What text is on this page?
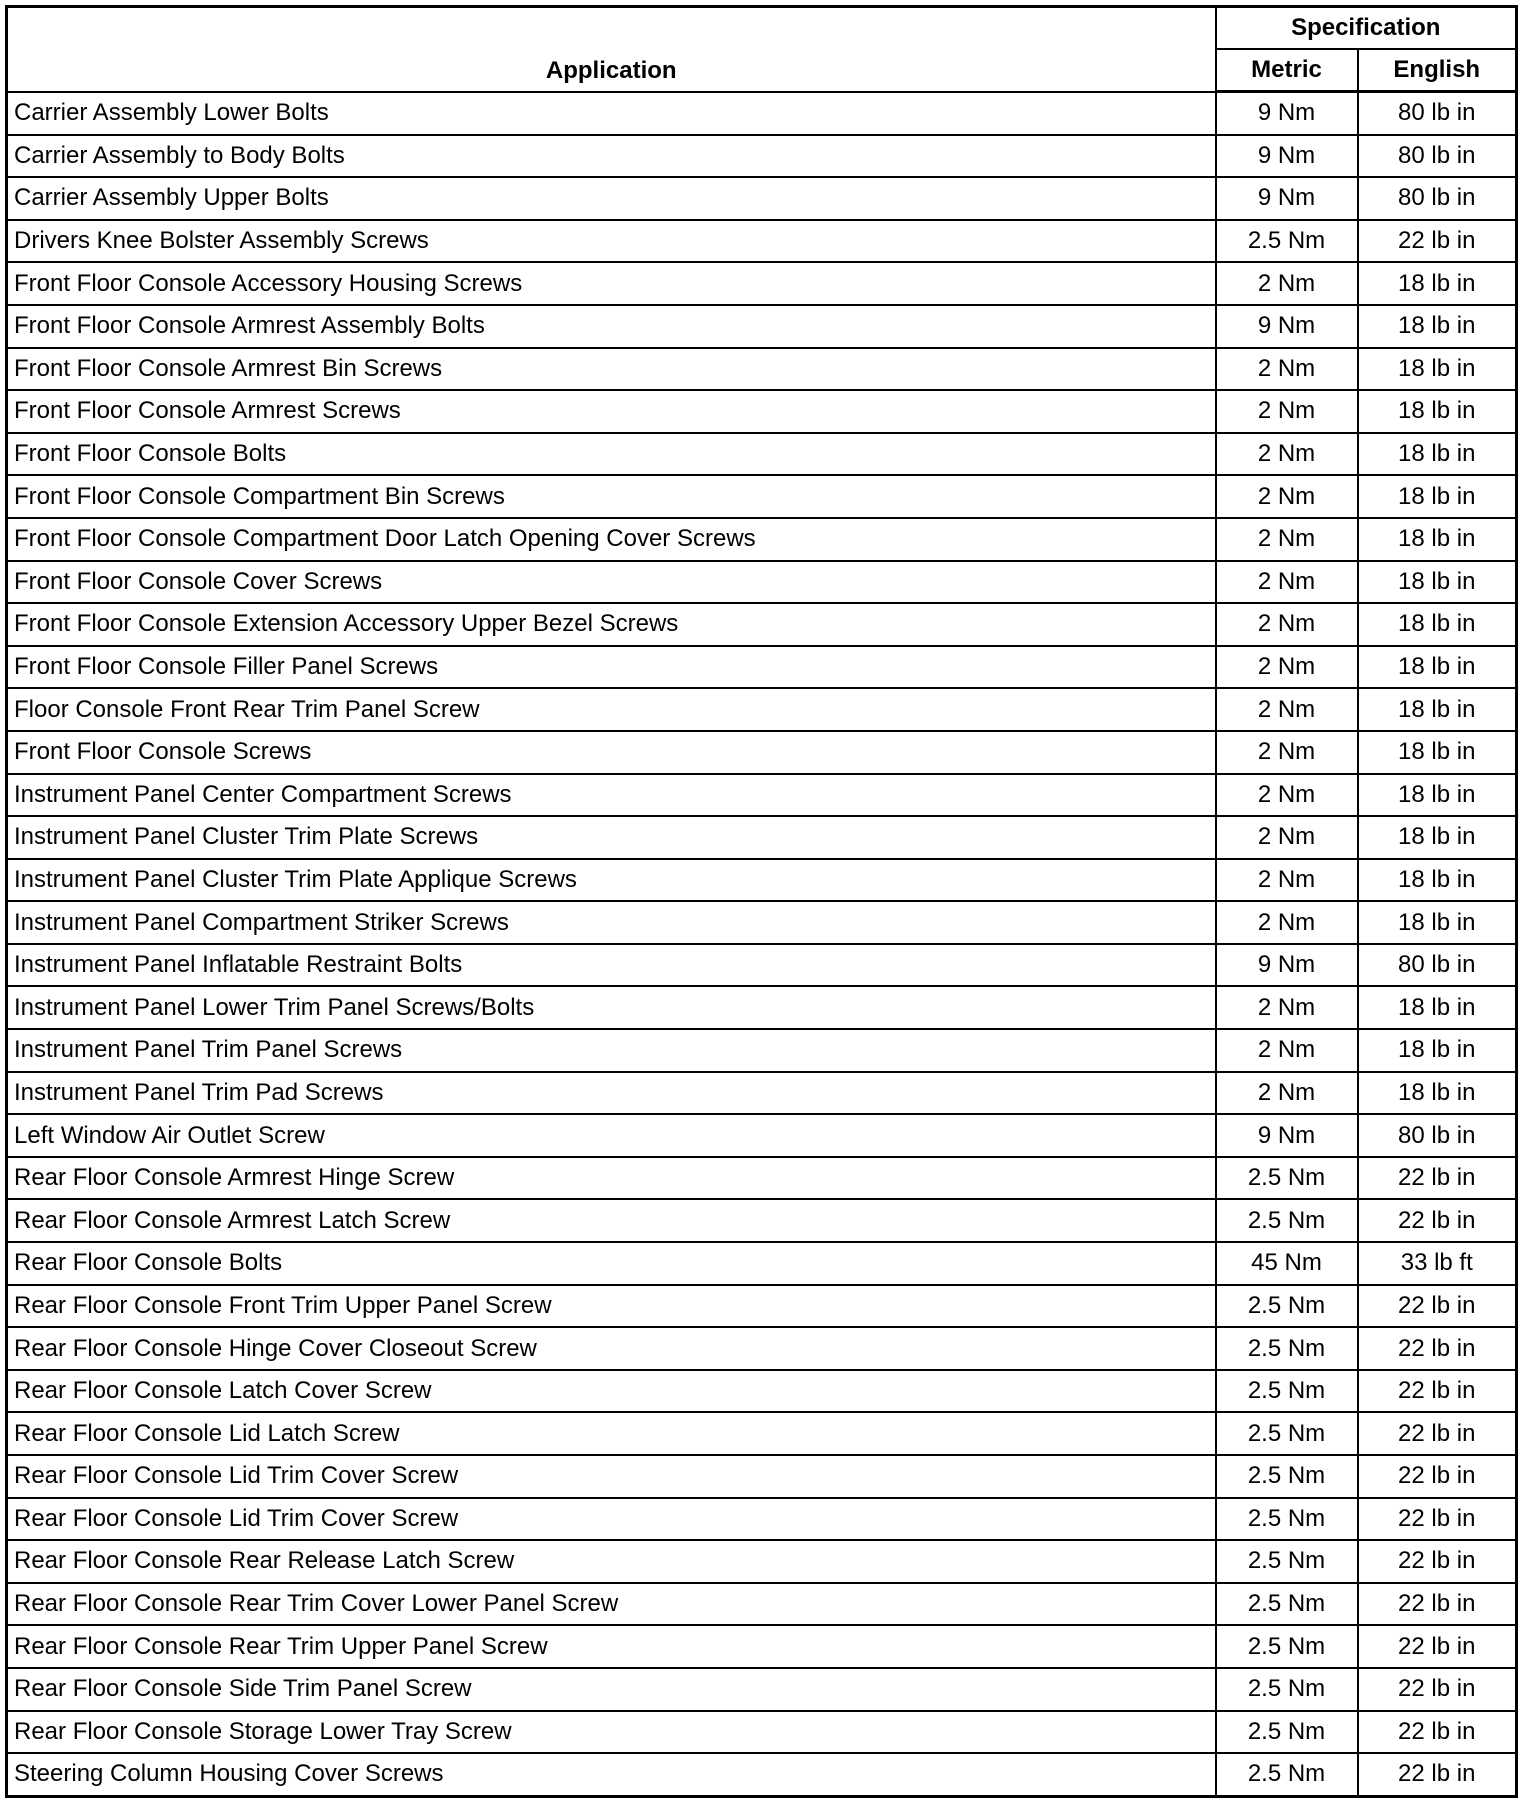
Application	Specification	
	Metric	English
Carrier Assembly Lower Bolts	9 Nm	80 lb in
Carrier Assembly to Body Bolts	9 Nm	80 lb in
Carrier Assembly Upper Bolts	9 Nm	80 lb in
Drivers Knee Bolster Assembly Screws	2.5 Nm	22 lb in
Front Floor Console Accessory Housing Screws	2 Nm	18 lb in
Front Floor Console Armrest Assembly Bolts	9 Nm	18 lb in
Front Floor Console Armrest Bin Screws	2 Nm	18 lb in
Front Floor Console Armrest Screws	2 Nm	18 lb in
Front Floor Console Bolts	2 Nm	18 lb in
Front Floor Console Compartment Bin Screws	2 Nm	18 lb in
Front Floor Console Compartment Door Latch Opening Cover Screws	2 Nm	18 lb in
Front Floor Console Cover Screws	2 Nm	18 lb in
Front Floor Console Extension Accessory Upper Bezel Screws	2 Nm	18 lb in
Front Floor Console Filler Panel Screws	2 Nm	18 lb in
Floor Console Front Rear Trim Panel Screw	2 Nm	18 lb in
Front Floor Console Screws	2 Nm	18 lb in
Instrument Panel Center Compartment Screws	2 Nm	18 lb in
Instrument Panel Cluster Trim Plate Screws	2 Nm	18 lb in
Instrument Panel Cluster Trim Plate Applique Screws	2 Nm	18 lb in
Instrument Panel Compartment Striker Screws	2 Nm	18 lb in
Instrument Panel Inflatable Restraint Bolts	9 Nm	80 lb in
Instrument Panel Lower Trim Panel Screws/Bolts	2 Nm	18 lb in
Instrument Panel Trim Panel Screws	2 Nm	18 lb in
Instrument Panel Trim Pad Screws	2 Nm	18 lb in
Left Window Air Outlet Screw	9 Nm	80 lb in
Rear Floor Console Armrest Hinge Screw	2.5 Nm	22 lb in
Rear Floor Console Armrest Latch Screw	2.5 Nm	22 lb in
Rear Floor Console Bolts	45 Nm	33 lb ft
Rear Floor Console Front Trim Upper Panel Screw	2.5 Nm	22 lb in
Rear Floor Console Hinge Cover Closeout Screw	2.5 Nm	22 lb in
Rear Floor Console Latch Cover Screw	2.5 Nm	22 lb in
Rear Floor Console Lid Latch Screw	2.5 Nm	22 lb in
Rear Floor Console Lid Trim Cover Screw	2.5 Nm	22 lb in
Rear Floor Console Lid Trim Cover Screw	2.5 Nm	22 lb in
Rear Floor Console Rear Release Latch Screw	2.5 Nm	22 lb in
Rear Floor Console Rear Trim Cover Lower Panel Screw	2.5 Nm	22 lb in
Rear Floor Console Rear Trim Upper Panel Screw	2.5 Nm	22 lb in
Rear Floor Console Side Trim Panel Screw	2.5 Nm	22 lb in
Rear Floor Console Storage Lower Tray Screw	2.5 Nm	22 lb in
Steering Column Housing Cover Screws	2.5 Nm	22 lb in
